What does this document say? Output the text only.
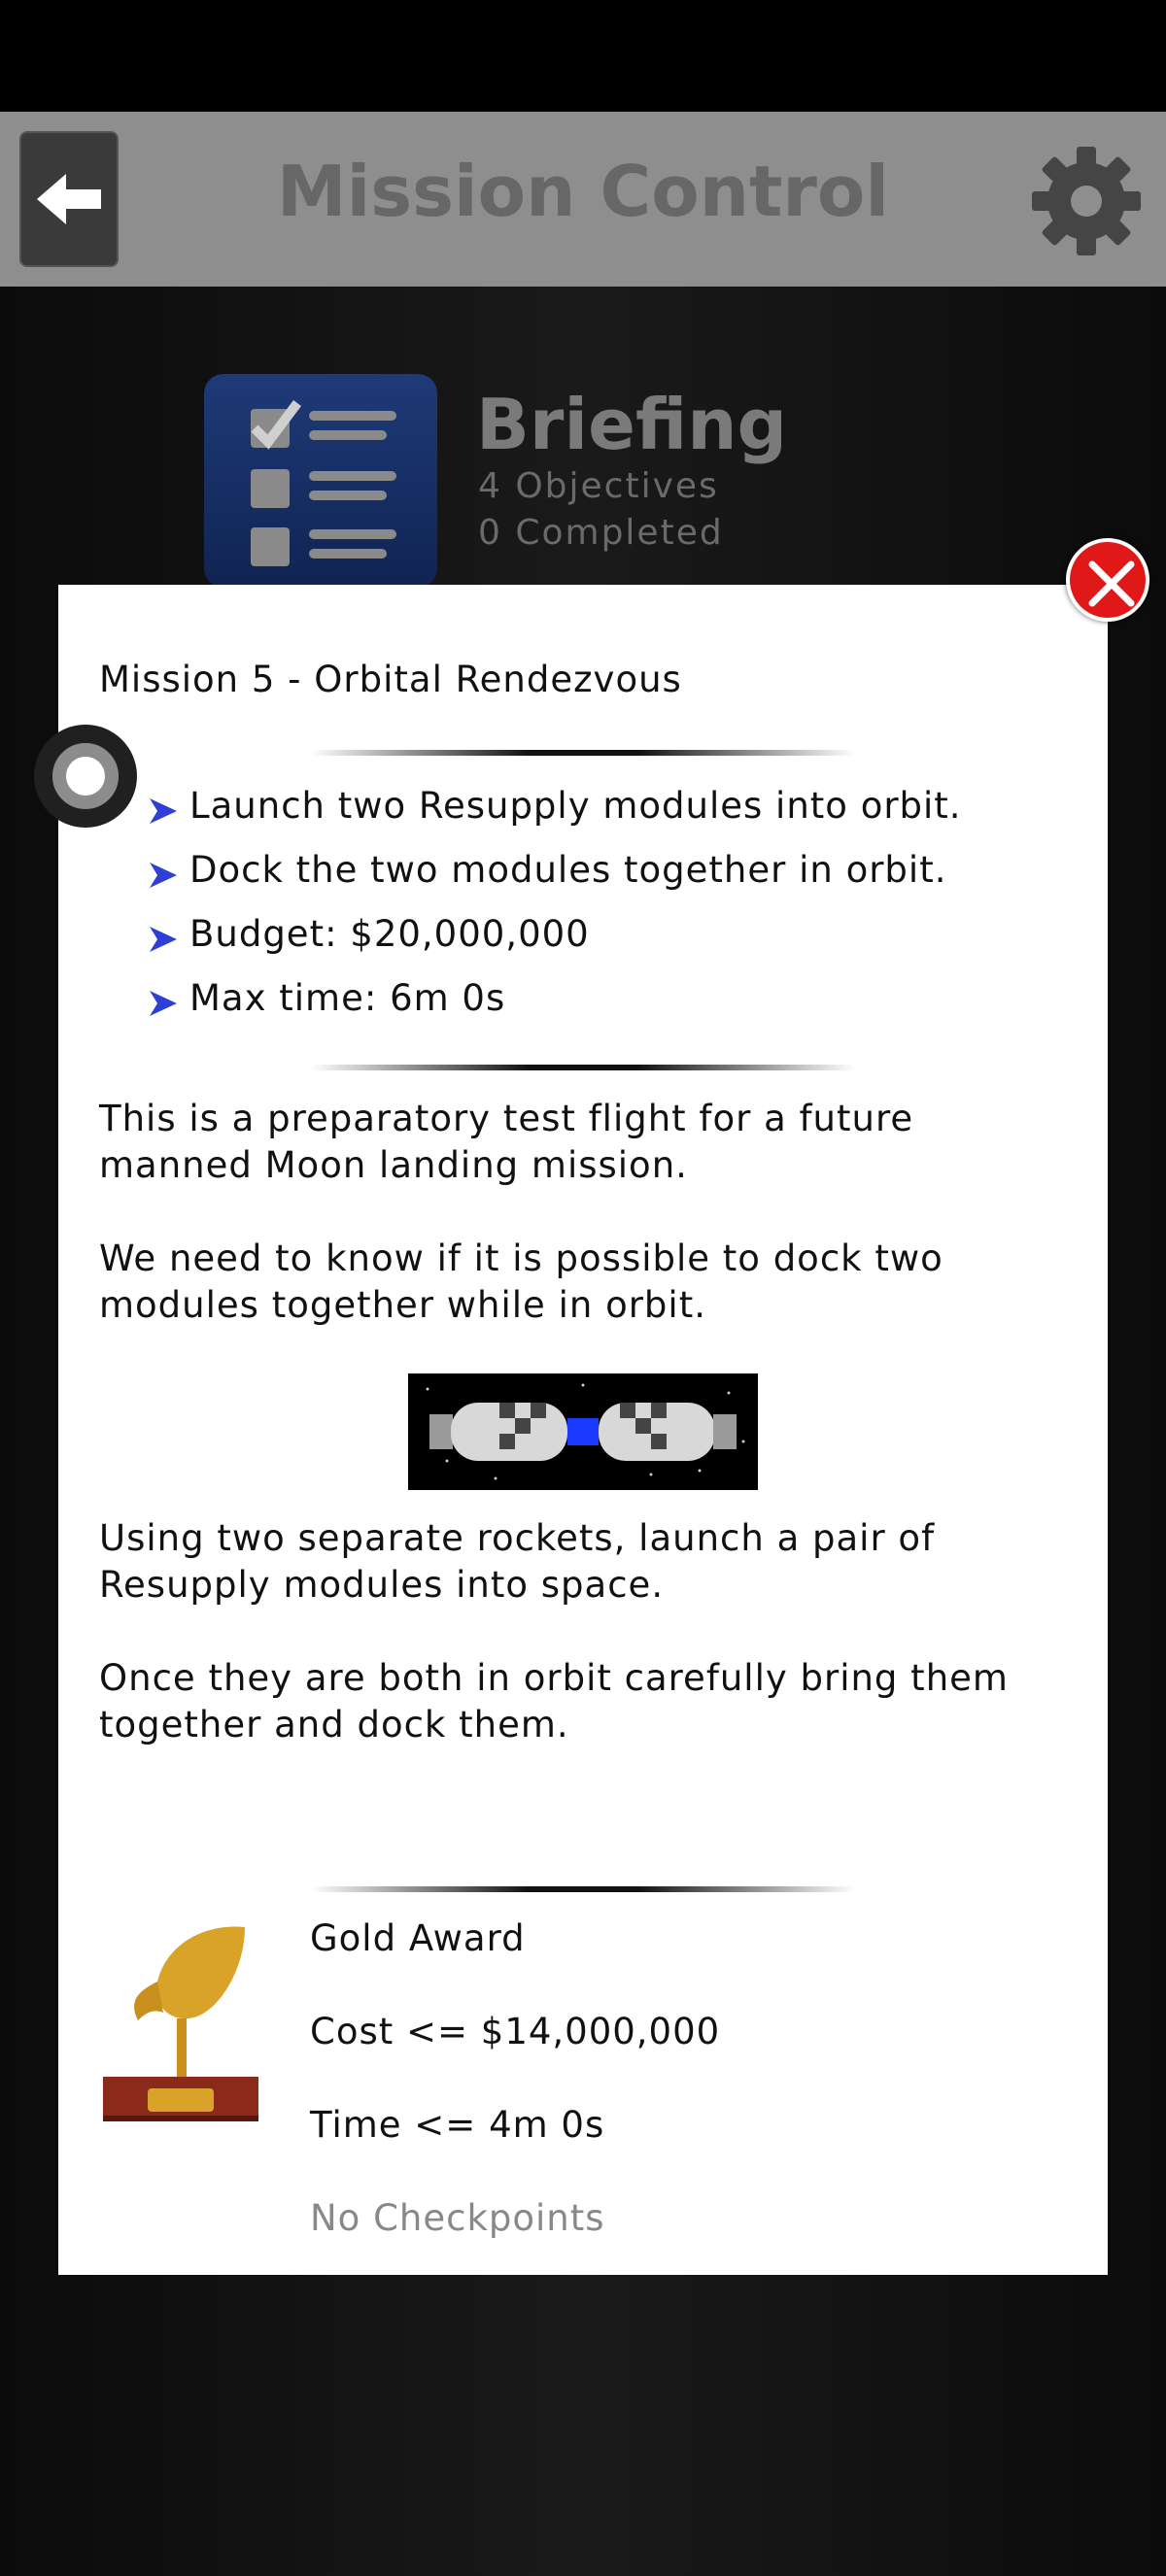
Mission Control
Briefing
4 Objectives
0 Completed
Mission 5 - Orbital Rendezvous
Launch two Resupply modules into orbit.
Dock the two modules together in orbit.
Budget: $20,000,000
Max time: 6m 0s
This is a preparatory test flight for a future manned Moon landing mission.
We need to know if it is possible to dock two modules together while in orbit.
Using two separate rockets, launch a pair of Resupply modules into space.
Once they are both in orbit carefully bring them together and dock them.
Gold Award
Cost <= $14,000,000
Time <= 4m 0s
No Checkpoints
